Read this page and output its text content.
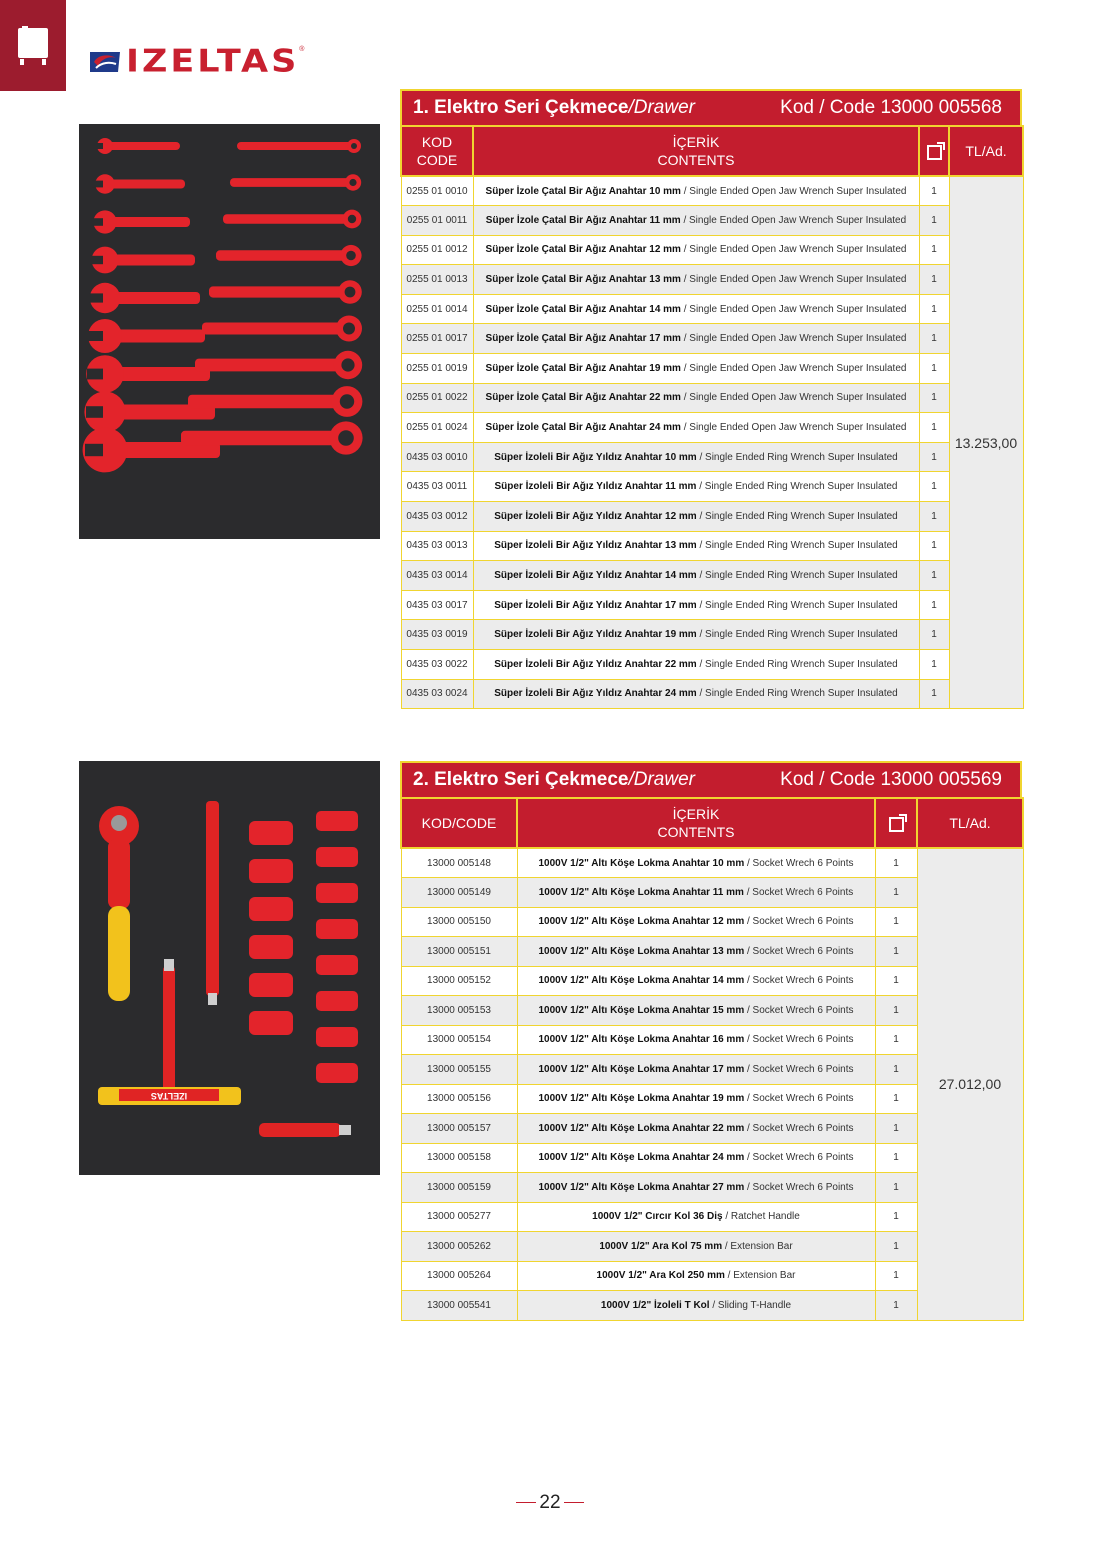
IZELTAS ®
1. Elektro Seri Çekmece/Drawer	Kod / Code 13000 005568
KOD
CODE	İÇERİK
CONTENTS		TL/Ad.
0255 01 0010	Süper İzole Çatal Bir Ağız Anahtar 10 mm / Single Ended Open Jaw Wrench Super Insulated	1	13.253,00
0255 01 0011	Süper İzole Çatal Bir Ağız Anahtar 11 mm / Single Ended Open Jaw Wrench Super Insulated	1	
0255 01 0012	Süper İzole Çatal Bir Ağız Anahtar 12 mm / Single Ended Open Jaw Wrench Super Insulated	1	
0255 01 0013	Süper İzole Çatal Bir Ağız Anahtar 13 mm / Single Ended Open Jaw Wrench Super Insulated	1	
0255 01 0014	Süper İzole Çatal Bir Ağız Anahtar 14 mm / Single Ended Open Jaw Wrench Super Insulated	1	
0255 01 0017	Süper İzole Çatal Bir Ağız Anahtar 17 mm / Single Ended Open Jaw Wrench Super Insulated	1	
0255 01 0019	Süper İzole Çatal Bir Ağız Anahtar 19 mm / Single Ended Open Jaw Wrench Super Insulated	1	
0255 01 0022	Süper İzole Çatal Bir Ağız Anahtar 22 mm / Single Ended Open Jaw Wrench Super Insulated	1	
0255 01 0024	Süper İzole Çatal Bir Ağız Anahtar 24 mm / Single Ended Open Jaw Wrench Super Insulated	1	
0435 03 0010	Süper İzoleli Bir Ağız Yıldız Anahtar 10 mm / Single Ended Ring Wrench Super Insulated	1	
0435 03 0011	Süper İzoleli Bir Ağız Yıldız Anahtar 11 mm / Single Ended Ring Wrench Super Insulated	1	
0435 03 0012	Süper İzoleli Bir Ağız Yıldız Anahtar 12 mm / Single Ended Ring Wrench Super Insulated	1	
0435 03 0013	Süper İzoleli Bir Ağız Yıldız Anahtar 13 mm / Single Ended Ring Wrench Super Insulated	1	
0435 03 0014	Süper İzoleli Bir Ağız Yıldız Anahtar 14 mm / Single Ended Ring Wrench Super Insulated	1	
0435 03 0017	Süper İzoleli Bir Ağız Yıldız Anahtar 17 mm / Single Ended Ring Wrench Super Insulated	1	
0435 03 0019	Süper İzoleli Bir Ağız Yıldız Anahtar 19 mm / Single Ended Ring Wrench Super Insulated	1	
0435 03 0022	Süper İzoleli Bir Ağız Yıldız Anahtar 22 mm / Single Ended Ring Wrench Super Insulated	1	
0435 03 0024	Süper İzoleli Bir Ağız Yıldız Anahtar 24 mm / Single Ended Ring Wrench Super Insulated	1	
IZELTAS
2. Elektro Seri Çekmece/Drawer	Kod / Code 13000 005569
KOD/CODE	İÇERİK
CONTENTS		TL/Ad.
13000 005148	1000V 1/2" Altı Köşe Lokma Anahtar 10 mm / Socket Wrech 6 Points	1	27.012,00
13000 005149	1000V 1/2" Altı Köşe Lokma Anahtar 11 mm / Socket Wrech 6 Points	1	
13000 005150	1000V 1/2" Altı Köşe Lokma Anahtar 12 mm / Socket Wrech 6 Points	1	
13000 005151	1000V 1/2" Altı Köşe Lokma Anahtar 13 mm / Socket Wrech 6 Points	1	
13000 005152	1000V 1/2" Altı Köşe Lokma Anahtar 14 mm / Socket Wrech 6 Points	1	
13000 005153	1000V 1/2" Altı Köşe Lokma Anahtar 15 mm / Socket Wrech 6 Points	1	
13000 005154	1000V 1/2" Altı Köşe Lokma Anahtar 16 mm / Socket Wrech 6 Points	1	
13000 005155	1000V 1/2" Altı Köşe Lokma Anahtar 17 mm / Socket Wrech 6 Points	1	
13000 005156	1000V 1/2" Altı Köşe Lokma Anahtar 19 mm / Socket Wrech 6 Points	1	
13000 005157	1000V 1/2" Altı Köşe Lokma Anahtar 22 mm / Socket Wrech 6 Points	1	
13000 005158	1000V 1/2" Altı Köşe Lokma Anahtar 24 mm / Socket Wrech 6 Points	1	
13000 005159	1000V 1/2" Altı Köşe Lokma Anahtar 27 mm / Socket Wrech 6 Points	1	
13000 005277	1000V 1/2" Cırcır Kol 36 Diş / Ratchet Handle	1	
13000 005262	1000V 1/2" Ara Kol 75 mm / Extension Bar	1	
13000 005264	1000V 1/2" Ara Kol 250 mm / Extension Bar	1	
13000 005541	1000V 1/2" İzoleli T Kol / Sliding T-Handle	1	
22
